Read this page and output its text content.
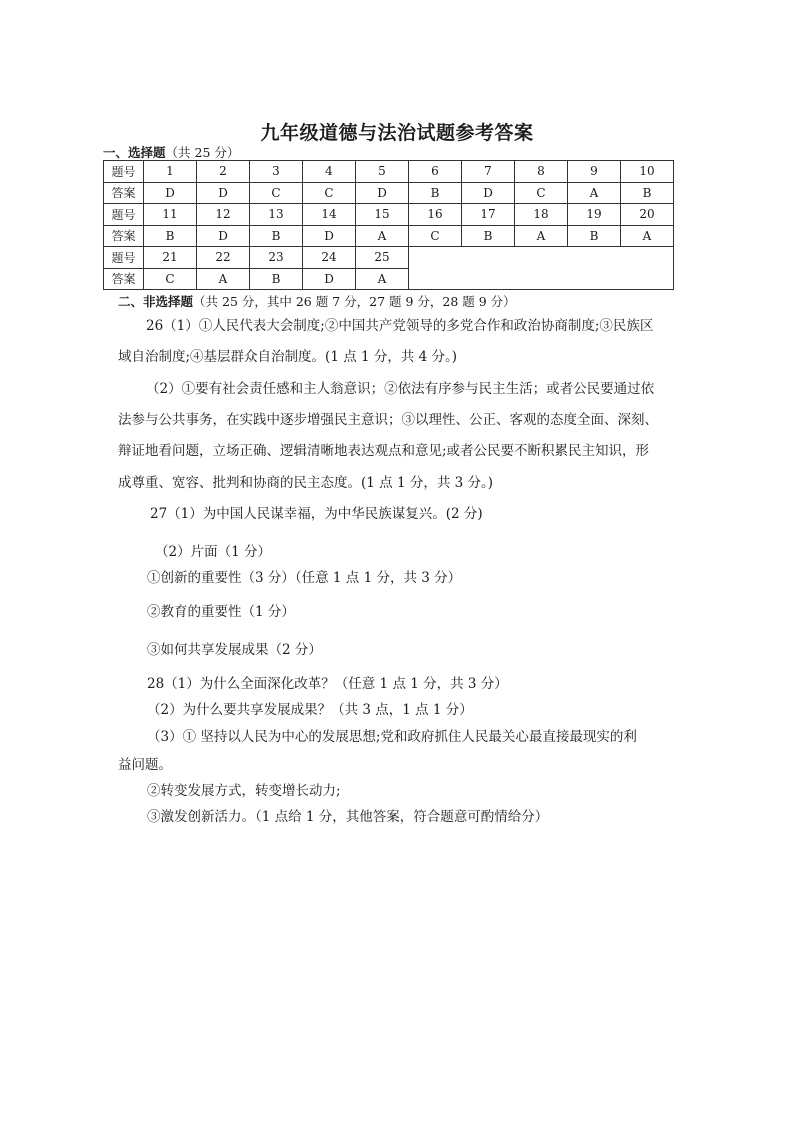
九年级道德与法治试题参考答案
一、选择题（共 25 分）
题号	1	2	3	4	5	6	7	8	9	10
答案	D	D	C	C	D	B	D	C	A	B
题号	11	12	13	14	15	16	17	18	19	20
答案	B	D	B	D	A	C	B	A	B	A
题号	21	22	23	24	25					
答案	C	A	B	D	A					
二、非选择题（共 25 分，其中 26 题 7 分，27 题 9 分，28 题 9 分）
26（1）①人民代表大会制度;②中国共产党领导的多党合作和政治协商制度;③民族区
域自治制度;④基层群众自治制度。(1 点 1 分，共 4 分。)
（2）①要有社会责任感和主人翁意识；②依法有序参与民主生活；或者公民要通过依
法参与公共事务，在实践中逐步增强民主意识；③以理性、公正、客观的态度全面、深刻、
辩证地看问题，立场正确、逻辑清晰地表达观点和意见;或者公民要不断积累民主知识，形
成尊重、宽容、批判和协商的民主态度。(1 点 1 分，共 3 分。)
27（1）为中国人民谋幸福，为中华民族谋复兴。(2 分)
（2）片面（1 分）
①创新的重要性（3 分）（任意 1 点 1 分，共 3 分）
②教育的重要性（1 分）
③如何共享发展成果（2 分）
28（1）为什么全面深化改革？（任意 1 点 1 分，共 3 分）
（2）为什么要共享发展成果？（共 3 点，1 点 1 分）
（3）① 坚持以人民为中心的发展思想;党和政府抓住人民最关心最直接最现实的利
益问题。
②转变发展方式，转变增长动力;
③激发创新活力。（1 点给 1 分，其他答案，符合题意可酌情给分）
